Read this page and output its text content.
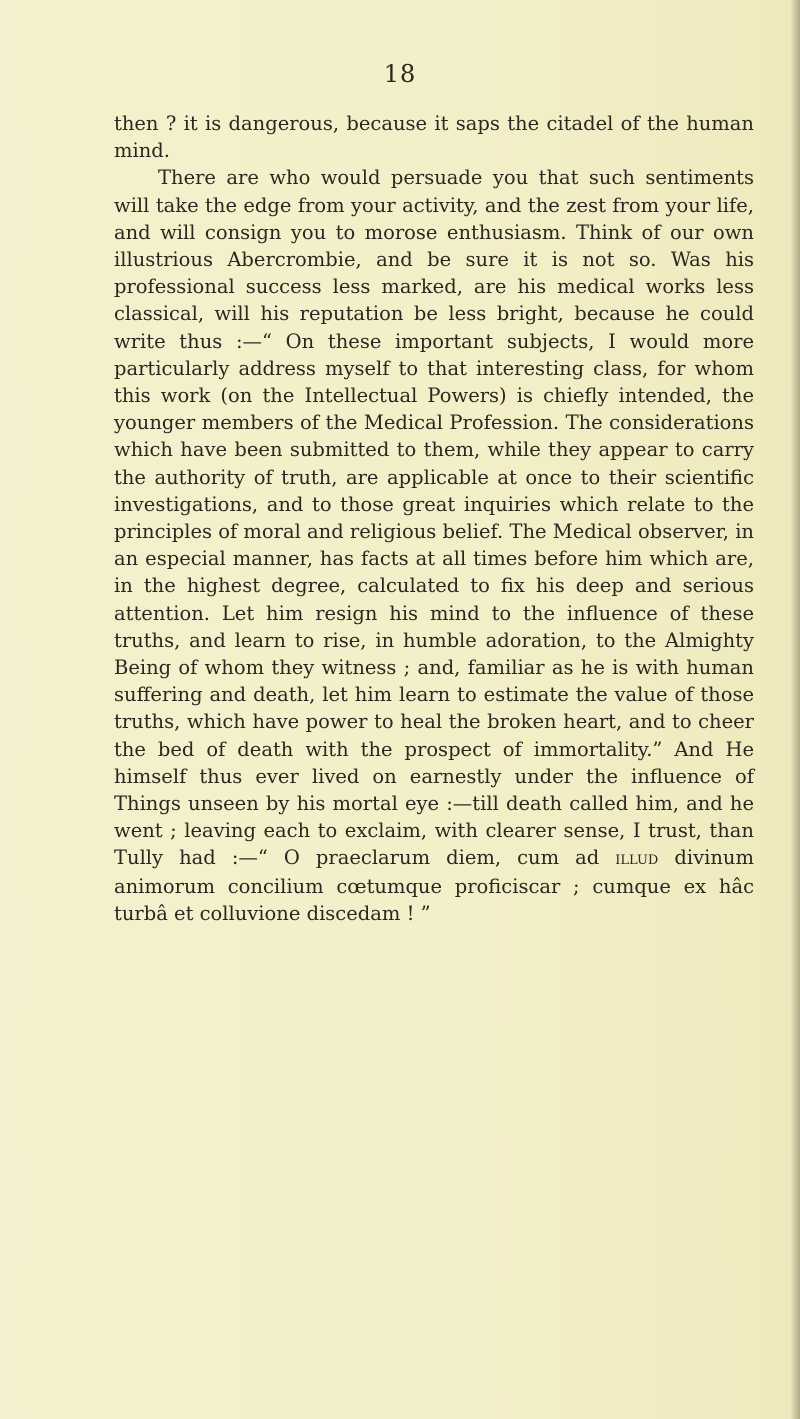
18

then ? it is dangerous, because it saps the citadel of the human mind.

There are who would persuade you that such sentiments will take the edge from your activity, and the zest from your life, and will consign you to morose enthusiasm. Think of our own illustrious Abercrombie, and be sure it is not so. Was his professional success less marked, are his medical works less classical, will his reputation be less bright, because he could write thus :—“ On these important subjects, I would more particularly address myself to that interesting class, for whom this work (on the Intellectual Powers) is chiefly intended, the younger members of the Medical Profession. The considerations which have been submitted to them, while they appear to carry the authority of truth, are applicable at once to their scientific investigations, and to those great inquiries which relate to the principles of moral and religious belief. The Medical observer, in an especial manner, has facts at all times before him which are, in the highest degree, calculated to fix his deep and serious attention. Let him resign his mind to the influence of these truths, and learn to rise, in humble adoration, to the Almighty Being of whom they witness ; and, familiar as he is with human suffering and death, let him learn to estimate the value of those truths, which have power to heal the broken heart, and to cheer the bed of death with the prospect of immortality.” And He himself thus ever lived on earnestly under the influence of Things unseen by his mortal eye :—till death called him, and he went ; leaving each to exclaim, with clearer sense, I trust, than Tully had :—“ O praeclarum diem, cum ad illud divinum animorum concilium cœtumque proficiscar ; cumque ex hâc turbâ et colluvione discedam ! ”
